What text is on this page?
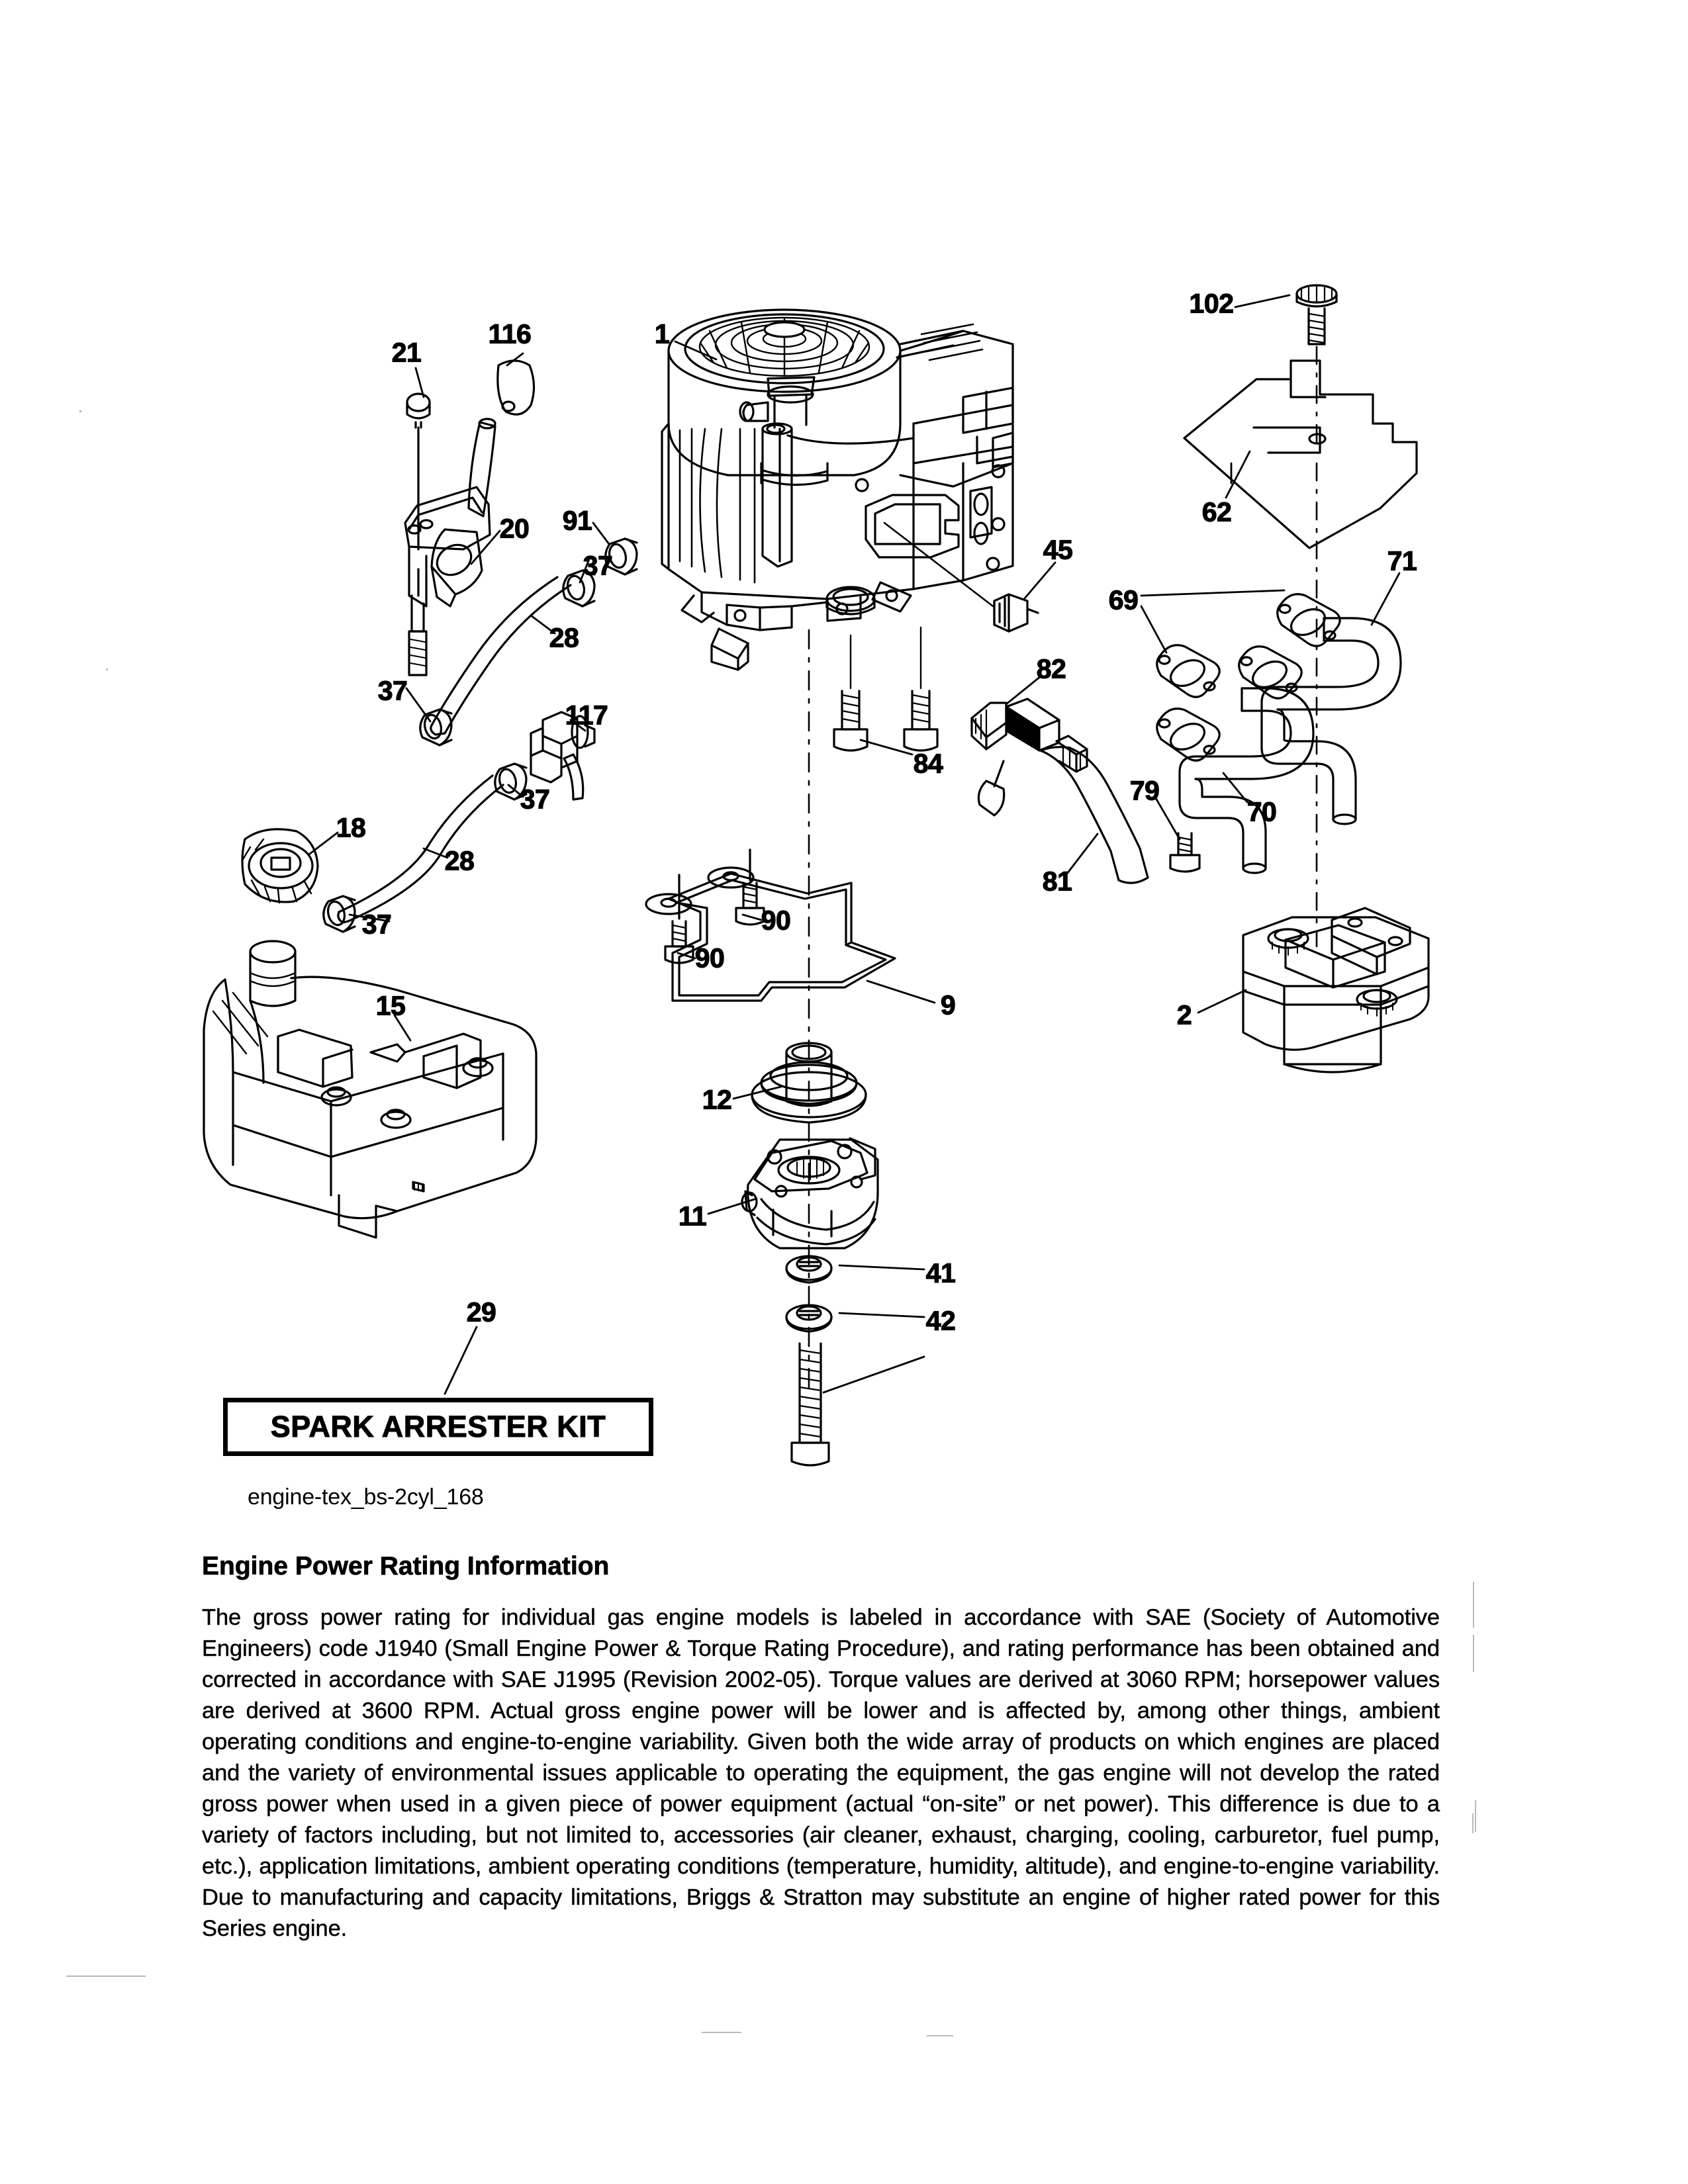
21
116	1
102
20 91	62
37
45	71
69
28
37
82
117
84
37	79
70
18
28
81
90
37
90
15	9	2
12
11
41
42
29
SPARK ARRESTER KIT
engine-tex_bs-2cyl_168
Engine Power Rating Information

The gross power rating for individual gas engine models is labeled in accordance with SAE (Society of Automotive Engineers) code J1940 (Small Engine Power & Torque Rating Procedure), and rating performance has been obtained and corrected in accordance with SAE J1995 (Revision 2002-05). Torque values are derived at 3060 RPM; horsepower values are derived at 3600 RPM. Actual gross engine power will be lower and is affected by, among other things, ambient operating conditions and engine-to-engine variability. Given both the wide array of products on which engines are placed and the variety of environmental issues applicable to operating the equipment, the gas engine will not develop the rated gross power when used in a given piece of power equipment (actual “on-site” or net power). This difference is due to a variety of factors including, but not limited to, accessories (air cleaner, exhaust, charging, cooling, carburetor, fuel pump, etc.), application limitations, ambient operating conditions (temperature, humidity, altitude), and engine-to-engine variability. Due to manufacturing and capacity limitations, Briggs & Stratton may substitute an engine of higher rated power for this Series engine.
